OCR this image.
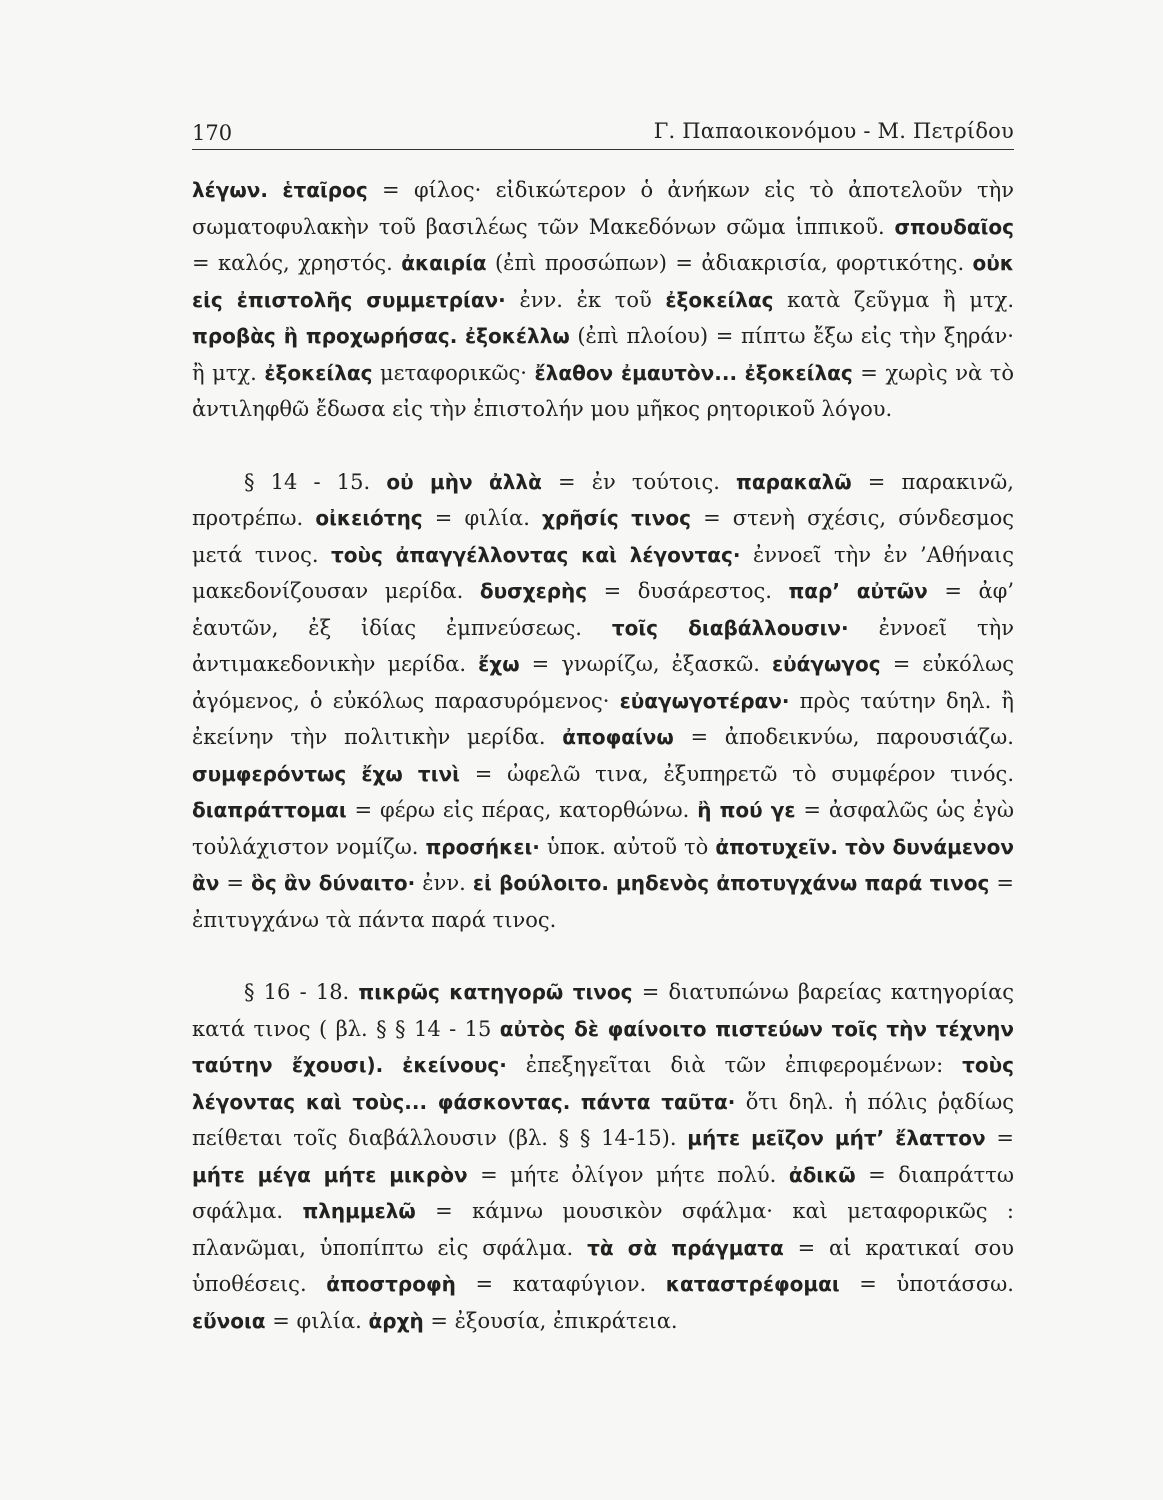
170	Γ. Παπαοικονόμου - Μ. Πετρίδου

λέγων. ἑταῖρος = φίλος· εἰδικώτερον ὁ ἀνήκων εἰς τὸ ἀποτελοῦν τὴν σωματοφυλακὴν τοῦ βασιλέως τῶν Μακεδόνων σῶμα ἱππικοῦ. σπουδαῖος = καλός, χρηστός. ἀκαιρία (ἐπὶ προσώπων) = ἀδιακρισία, φορτικότης. οὐκ εἰς ἐπιστολῆς συμμετρίαν· ἐνν. ἐκ τοῦ ἐξοκείλας κατὰ ζεῦγμα ἢ μτχ. προβὰς ἢ προχωρήσας. ἐξοκέλλω (ἐπὶ πλοίου) = πίπτω ἔξω εἰς τὴν ξηράν· ἢ μτχ. ἐξοκείλας μεταφορικῶς· ἔλαθον ἐμαυτὸν... ἐξοκείλας = χωρὶς νὰ τὸ ἀντιληφθῶ ἔδωσα εἰς τὴν ἐπιστολήν μου μῆκος ρητορικοῦ λόγου.

§ 14 - 15. οὐ μὴν ἀλλὰ = ἐν τούτοις. παρακαλῶ = παρακινῶ, προτρέπω. οἰκειότης = φιλία. χρῆσίς τινος = στενὴ σχέσις, σύνδεσμος μετά τινος. τοὺς ἀπαγγέλλοντας καὶ λέγοντας· ἐννοεῖ τὴν ἐν ’Αθήναις μακεδονίζουσαν μερίδα. δυσχερὴς = δυσάρεστος. παρ’ αὐτῶν = ἀφ’ ἑαυτῶν, ἐξ ἰδίας ἐμπνεύσεως. τοῖς διαβάλλουσιν· ἐννοεῖ τὴν ἀντιμακεδονικὴν μερίδα. ἔχω = γνωρίζω, ἐξασκῶ. εὐάγωγος = εὐκόλως ἀγόμενος, ὁ εὐκόλως παρασυρόμενος· εὐαγωγοτέραν· πρὸς ταύτην δηλ. ἢ ἐκείνην τὴν πολιτικὴν μερίδα. ἀποφαίνω = ἀποδεικνύω, παρουσιάζω. συμφερόντως ἔχω τινὶ = ὠφελῶ τινα, ἐξυπηρετῶ τὸ συμφέρον τινός. διαπράττομαι = φέρω εἰς πέρας, κατορθώνω. ἢ πού γε = ἀσφαλῶς ὡς ἐγὼ τοὐλάχιστον νομίζω. προσήκει· ὑποκ. αὐτοῦ τὸ ἀποτυχεῖν. τὸν δυνάμενον ἂν = ὃς ἂν δύναιτο· ἐνν. εἰ βούλοιτο. μηδενὸς ἀποτυγχάνω παρά τινος = ἐπιτυγχάνω τὰ πάντα παρά τινος.

§ 16 - 18. πικρῶς κατηγορῶ τινος = διατυπώνω βαρείας κατηγορίας κατά τινος ( βλ. § § 14 - 15 αὐτὸς δὲ φαίνοιτο πιστεύων τοῖς τὴν τέχνην ταύτην ἔχουσι). ἐκείνους· ἐπεξηγεῖται διὰ τῶν ἐπιφερομένων: τοὺς λέγοντας καὶ τοὺς... φάσκοντας. πάντα ταῦτα· ὅτι δηλ. ἡ πόλις ῥᾳδίως πείθεται τοῖς διαβάλλουσιν (βλ. § § 14-15). μήτε μεῖζον μήτ’ ἔλαττον = μήτε μέγα μήτε μικρὸν = μήτε ὀλίγον μήτε πολύ. ἀδικῶ = διαπράττω σφάλμα. πλημμελῶ = κάμνω μουσικὸν σφάλμα· καὶ μεταφορικῶς : πλανῶμαι, ὑποπίπτω εἰς σφάλμα. τὰ σὰ πράγματα = αἱ κρατικαί σου ὑποθέσεις. ἀποστροφὴ = καταφύγιον. καταστρέφομαι = ὑποτάσσω. εὔνοια = φιλία. ἀρχὴ = ἐξουσία, ἐπικράτεια.
